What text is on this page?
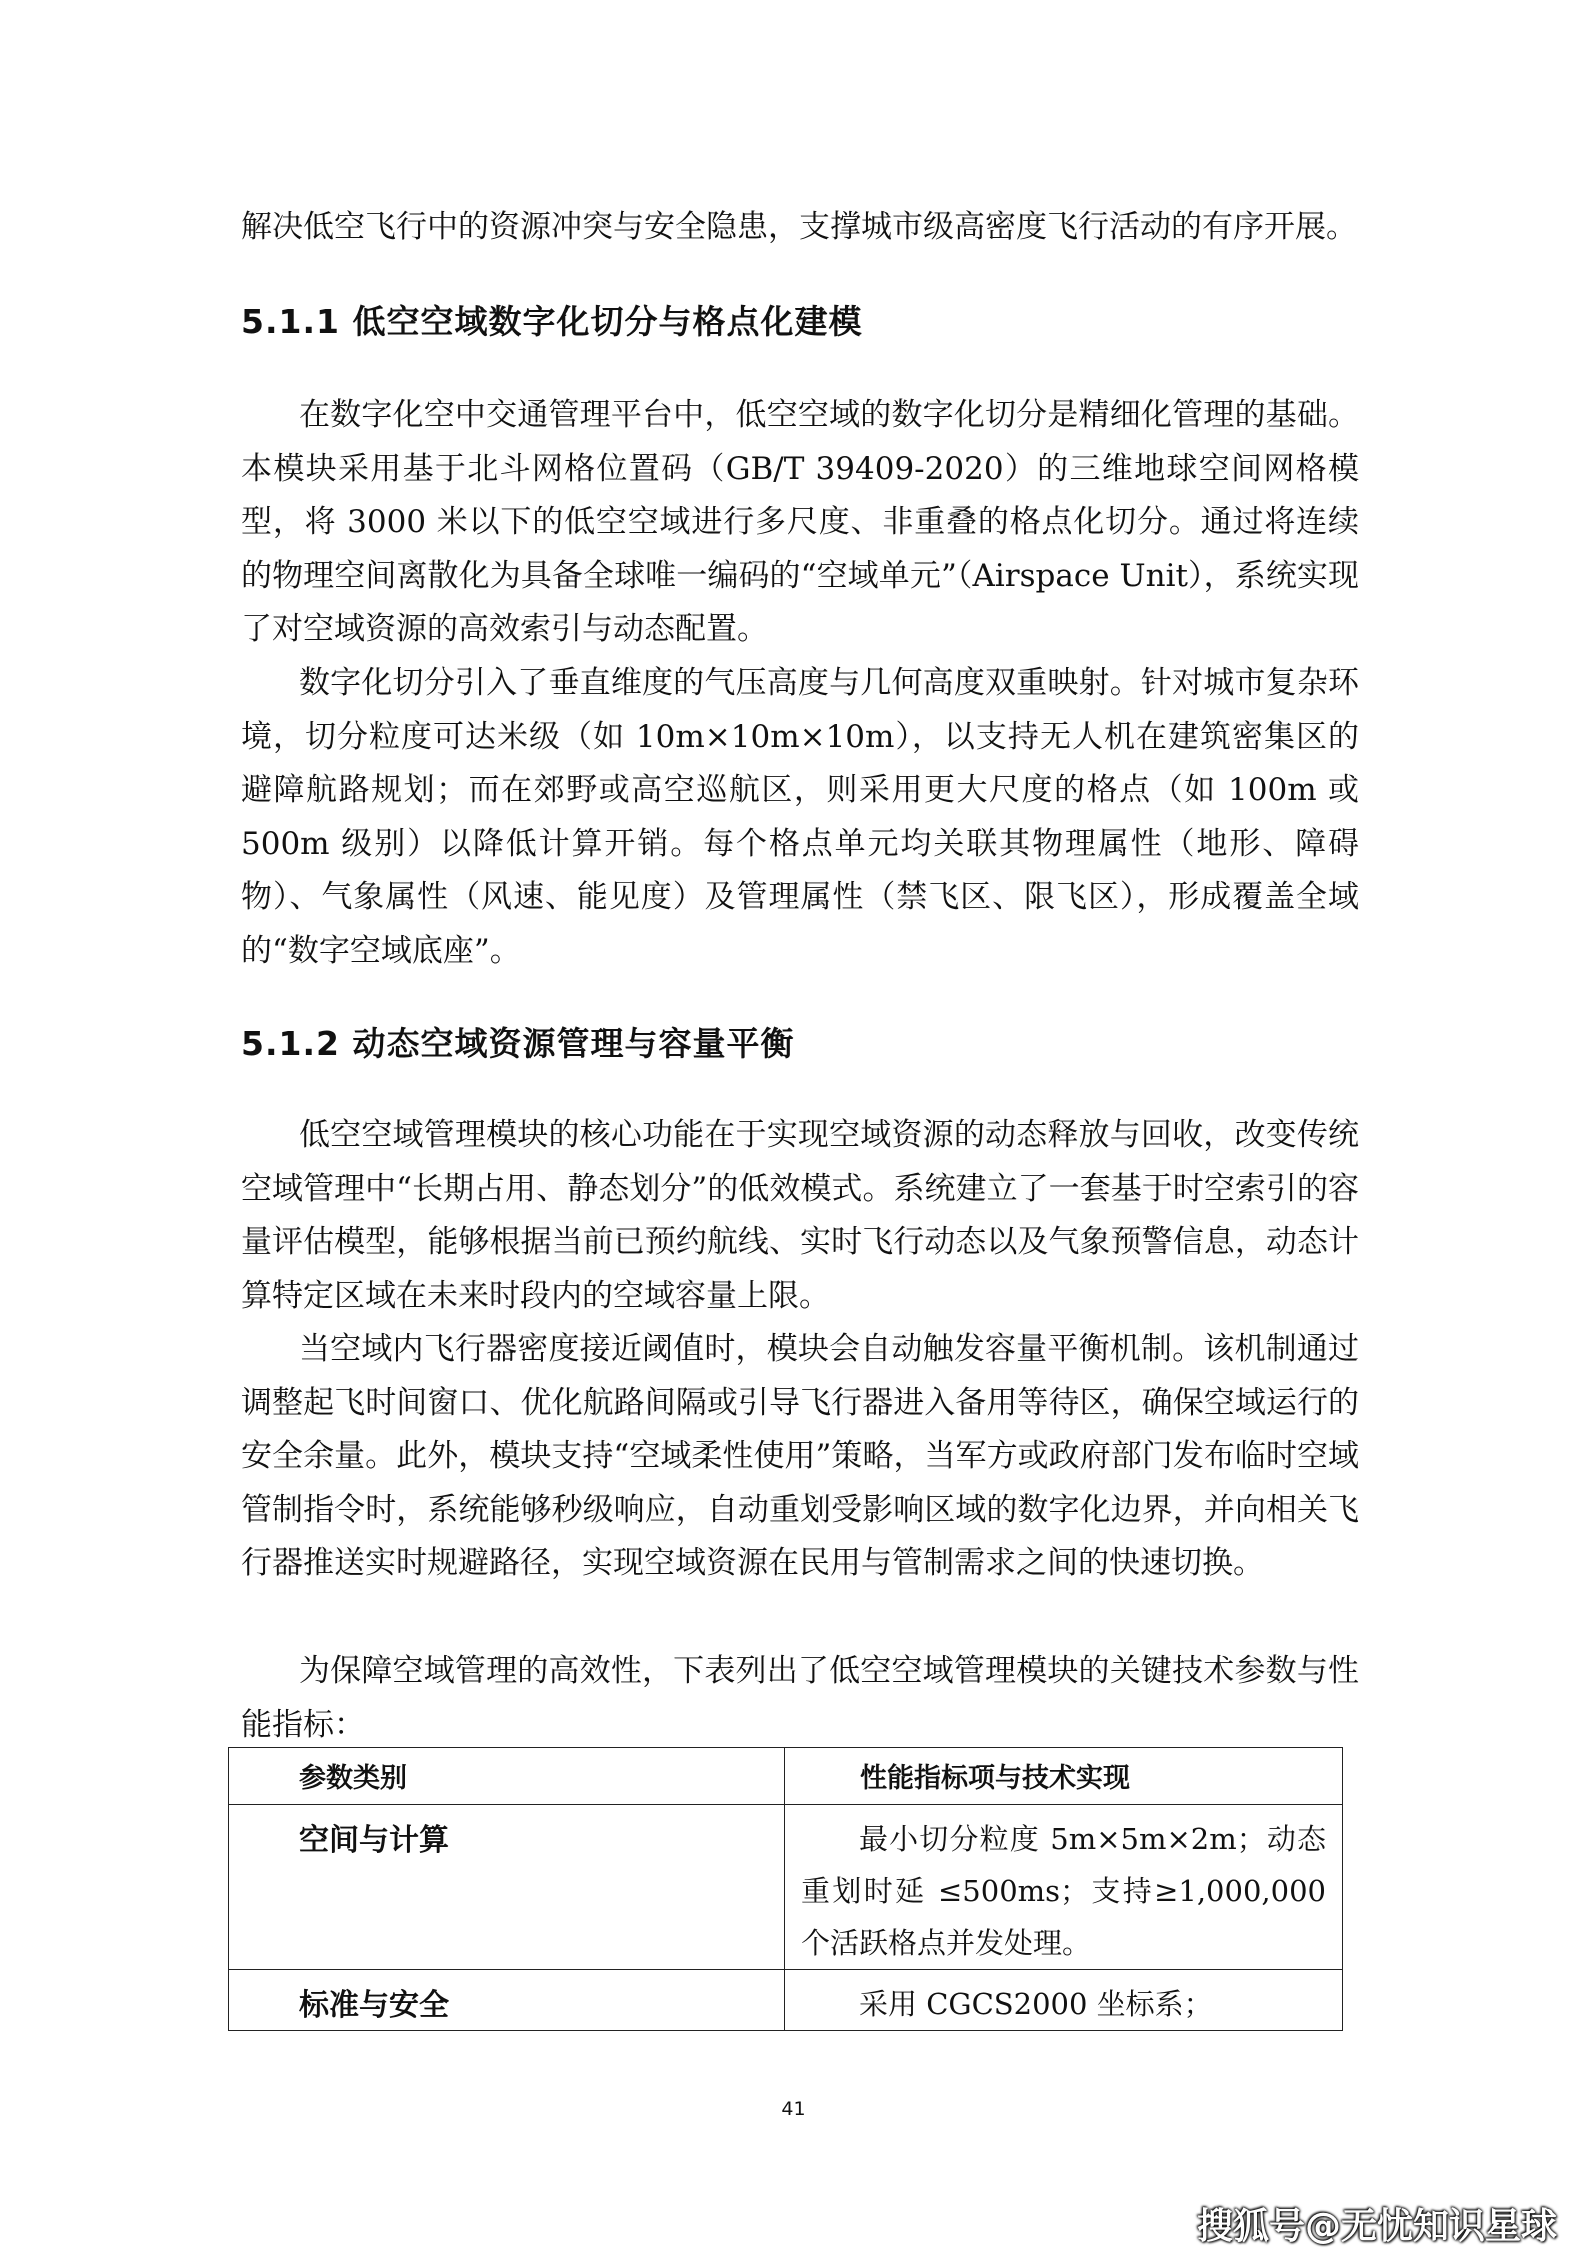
解决低空飞行中的资源冲突与安全隐患，支撑城市级高密度飞行活动的有序开展。

5.1.1 低空空域数字化切分与格点化建模

在数字化空中交通管理平台中，低空空域的数字化切分是精细化管理的基础。本模块采用基于北斗网格位置码（GB/T 39409-2020）的三维地球空间网格模型，将 3000 米以下的低空空域进行多尺度、非重叠的格点化切分。通过将连续的物理空间离散化为具备全球唯一编码的“空域单元”（Airspace Unit），系统实现了对空域资源的高效索引与动态配置。

数字化切分引入了垂直维度的气压高度与几何高度双重映射。针对城市复杂环境，切分粒度可达米级（如 10m×10m×10m），以支持无人机在建筑密集区的避障航路规划；而在郊野或高空巡航区，则采用更大尺度的格点（如 100m 或 500m 级别）以降低计算开销。每个格点单元均关联其物理属性（地形、障碍物）、气象属性（风速、能见度）及管理属性（禁飞区、限飞区），形成覆盖全域的“数字空域底座”。

5.1.2 动态空域资源管理与容量平衡

低空空域管理模块的核心功能在于实现空域资源的动态释放与回收，改变传统空域管理中“长期占用、静态划分”的低效模式。系统建立了一套基于时空索引的容量评估模型，能够根据当前已预约航线、实时飞行动态以及气象预警信息，动态计算特定区域在未来时段内的空域容量上限。

当空域内飞行器密度接近阈值时，模块会自动触发容量平衡机制。该机制通过调整起飞时间窗口、优化航路间隔或引导飞行器进入备用等待区，确保空域运行的安全余量。此外，模块支持“空域柔性使用”策略，当军方或政府部门发布临时空域管制指令时，系统能够秒级响应，自动重划受影响区域的数字化边界，并向相关飞行器推送实时规避路径，实现空域资源在民用与管制需求之间的快速切换。

为保障空域管理的高效性，下表列出了低空空域管理模块的关键技术参数与性能指标：

参数类别	性能指标项与技术实现
空间与计算	最小切分粒度 5m×5m×2m；动态重划时延 ≤500ms；支持≥1,000,000 个活跃格点并发处理。

标准与安全	采用 CGCS2000 坐标系；
41
搜狐号@无忧知识星球
